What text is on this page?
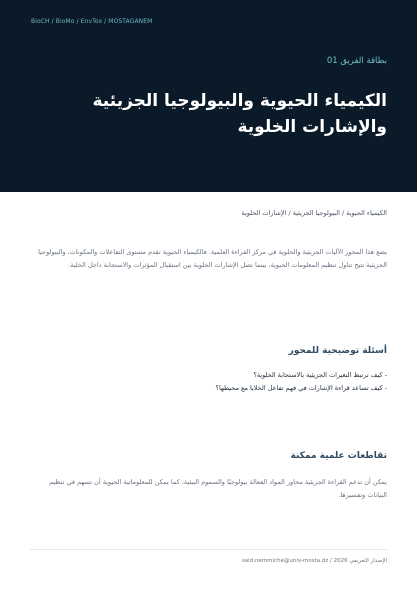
BioCH / BioMo / EnvTox / MOSTAGANEM
بطاقة الفريق 01
الكيمياء الحيوية والبيولوجيا الجزيئية والإشارات الخلوية
الكيمياء الحيوية / البيولوجيا الجزيئية / الإشارات الخلوية

يضع هذا المحور الآليات الجزيئية والخلوية في مركز القراءة العلمية. فالكيمياء الحيوية تقدم مستوى التفاعلات والمكونات، والبيولوجيا الجزيئية تتيح تناول تنظيم المعلومات الحيوية، بينما تصل الإشارات الخلوية بين استقبال المؤثرات والاستجابة داخل الخلية.

أسئلة توضيحية للمحور
- كيف ترتبط التغيرات الجزيئية بالاستجابة الخلوية؟
- كيف تساعد قراءة الإشارات في فهم تفاعل الخلايا مع محيطها؟
تقاطعات علمية ممكنة

يمكن أن تدعم القراءة الجزيئية محاور المواد الفعالة بيولوجيًا والسموم البيئية، كما يمكن للمعلوماتية الحيوية أن تسهم في تنظيم البيانات وتفسيرها.

الإصدار التعريفي 2026 / said.nemmiche@univ-mosta.dz
